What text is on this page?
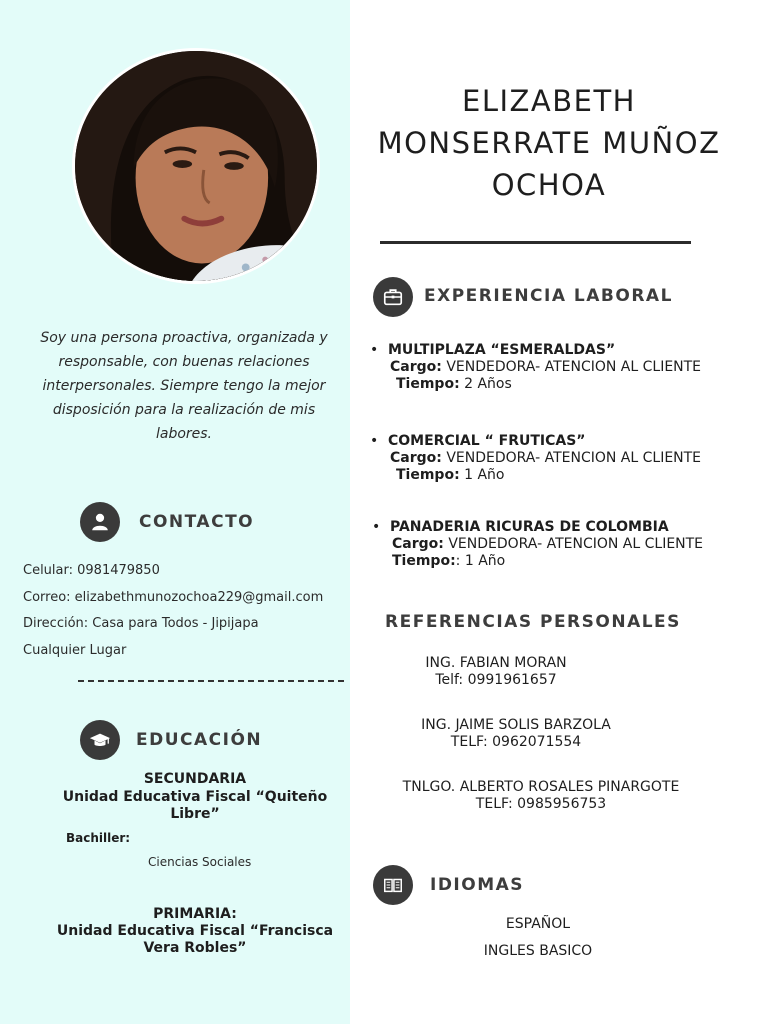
Soy una persona proactiva, organizada y responsable, con buenas relaciones interpersonales. Siempre tengo la mejor disposición para la realización de mis labores.
CONTACTO
Celular: 0981479850
Correo: elizabethmunozochoa229@gmail.com
Dirección: Casa para Todos - Jipijapa
Cualquier Lugar
EDUCACIÓN
SECUNDARIA
Unidad Educativa Fiscal “Quiteño Libre”
Bachiller:
Ciencias Sociales
PRIMARIA:
Unidad Educativa Fiscal “Francisca Vera Robles”
ELIZABETH
MONSERRATE MUÑOZ
OCHOA
EXPERIENCIA LABORAL
• MULTIPLAZA “ESMERALDAS”
Cargo: VENDEDORA- ATENCION AL CLIENTE
Tiempo: 2 Años
• COMERCIAL “ FRUTICAS”
Cargo: VENDEDORA- ATENCION AL CLIENTE
Tiempo: 1 Año
• PANADERIA RICURAS DE COLOMBIA
Cargo: VENDEDORA- ATENCION AL CLIENTE
Tiempo:: 1 Año
REFERENCIAS PERSONALES
ING. FABIAN MORAN
Telf: 0991961657
ING. JAIME SOLIS BARZOLA
TELF: 0962071554
TNLGO. ALBERTO ROSALES PINARGOTE
TELF: 0985956753
IDIOMAS
ESPAÑOL
INGLES BASICO
